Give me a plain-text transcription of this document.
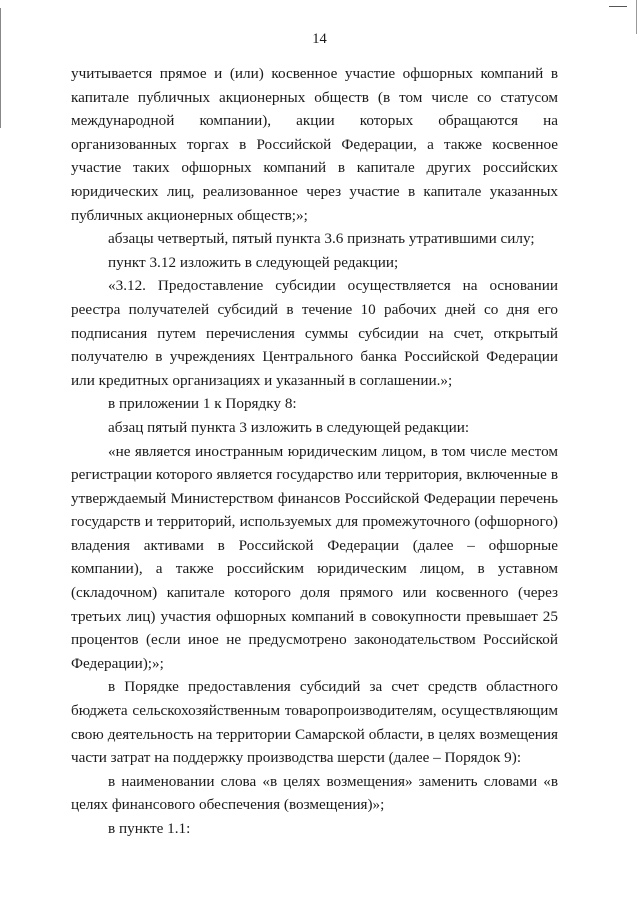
14

учитывается прямое и (или) косвенное участие офшорных компаний в капитале публичных акционерных обществ (в том числе со статусом международной компании), акции которых обращаются на организованных торгах в Российской Федерации, а также косвенное участие таких офшорных компаний в капитале других российских юридических лиц, реализованное через участие в капитале указанных публичных акционерных обществ;»;

абзацы четвертый, пятый пункта 3.6 признать утратившими силу;

пункт 3.12 изложить в следующей редакции;

«3.12. Предоставление субсидии осуществляется на основании реестра получателей субсидий в течение 10 рабочих дней со дня его подписания путем перечисления суммы субсидии на счет, открытый получателю в учреждениях Центрального банка Российской Федерации или кредитных организациях и указанный в соглашении.»;

в приложении 1 к Порядку 8:

абзац пятый пункта 3 изложить в следующей редакции:

«не является иностранным юридическим лицом, в том числе местом регистрации которого является государство или территория, включенные в утверждаемый Министерством финансов Российской Федерации перечень государств и территорий, используемых для промежуточного (офшорного) владения активами в Российской Федерации (далее – офшорные компании), а также российским юридическим лицом, в уставном (складочном) капитале которого доля прямого или косвенного (через третьих лиц) участия офшорных компаний в совокупности превышает 25 процентов (если иное не предусмотрено законодательством Российской Федерации);»;

в Порядке предоставления субсидий за счет средств областного бюджета сельскохозяйственным товаропроизводителям, осуществляющим свою деятельность на территории Самарской области, в целях возмещения части затрат на поддержку производства шерсти (далее – Порядок 9):

в наименовании слова «в целях возмещения» заменить словами «в целях финансового обеспечения (возмещения)»;

в пункте 1.1:
